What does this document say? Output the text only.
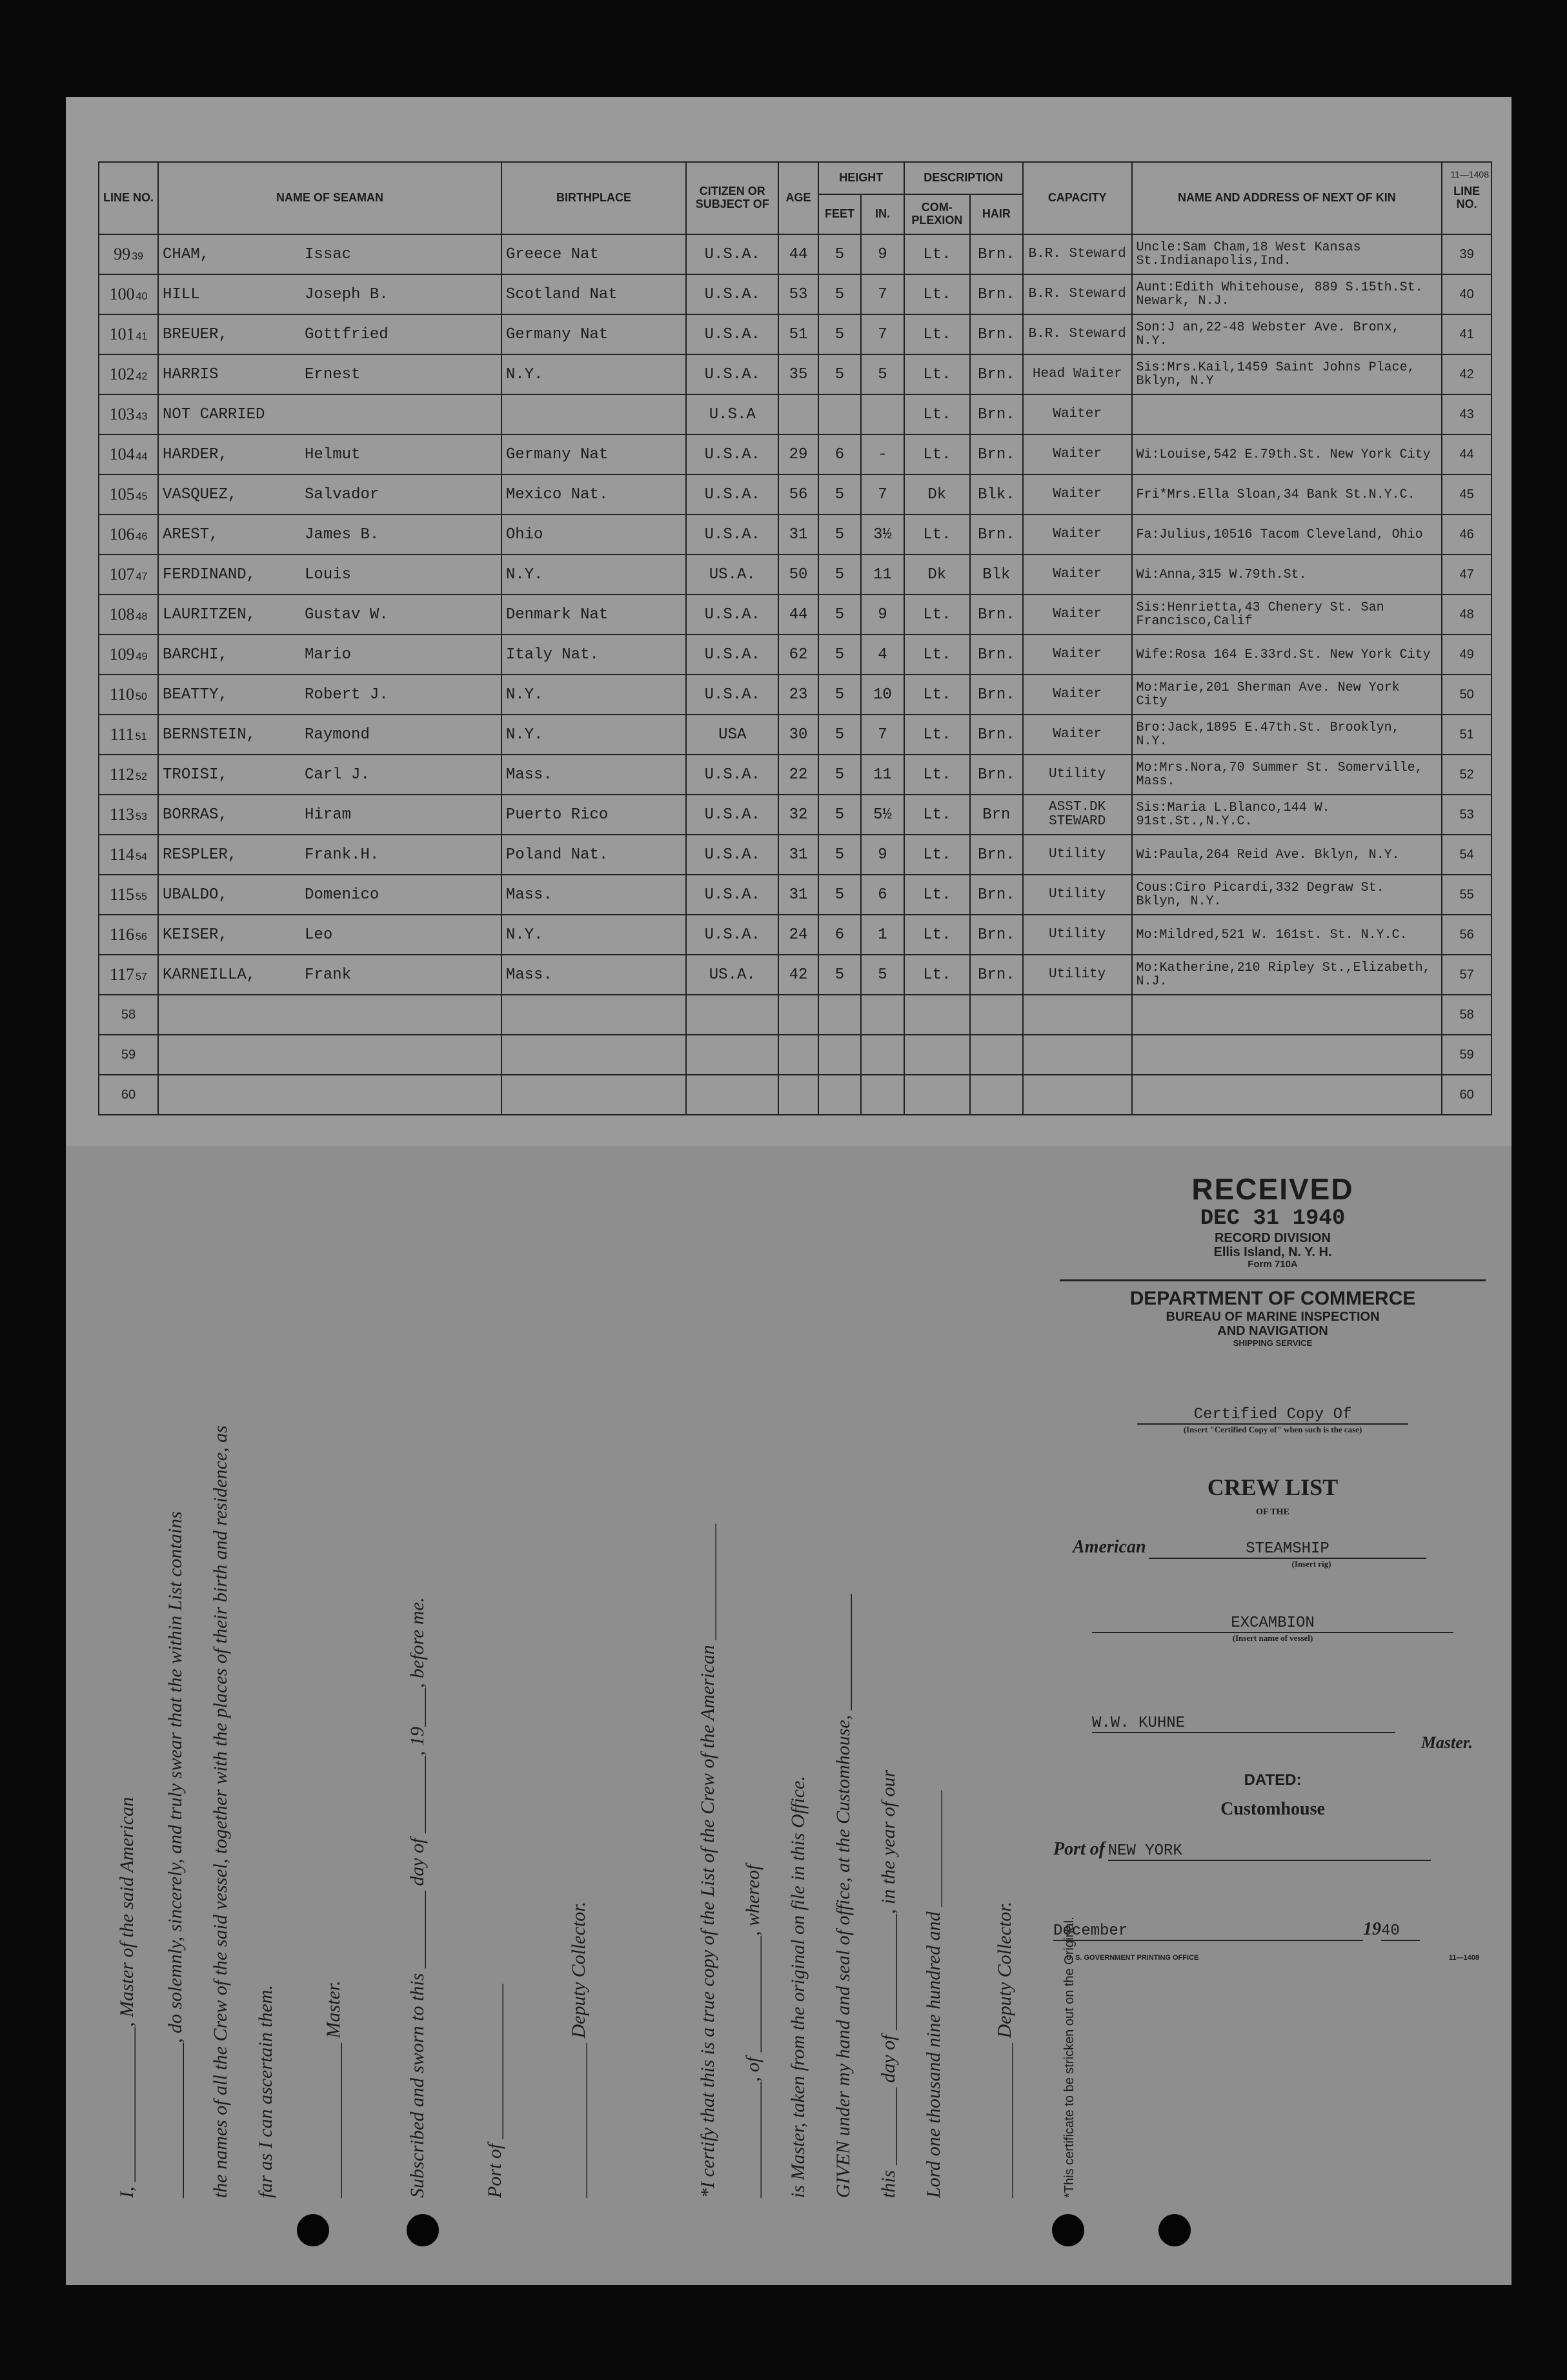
11—1408
LINE NO.	NAME OF SEAMAN	BIRTHPLACE	CITIZEN OR SUBJECT OF	AGE	HEIGHT		DESCRIPTION		CAPACITY	NAME AND ADDRESS OF NEXT OF KIN	LINE NO.
					FEET	IN.	COM-PLEXION	HAIR			
99 39	CHAM, Issac	Greece Nat	U.S.A.	44	5	9	Lt.	Brn.	B.R. Steward	Uncle:Sam Cham,18 West Kansas St.Indianapolis,Ind.	39
100 40	HILL Joseph B.	Scotland Nat	U.S.A.	53	5	7	Lt.	Brn.	B.R. Steward	Aunt:Edith Whitehouse, 889 S.15th.St. Newark, N.J.	40
101 41	BREUER, Gottfried	Germany Nat	U.S.A.	51	5	7	Lt.	Brn.	B.R. Steward	Son:J an,22-48 Webster Ave. Bronx, N.Y.	41
102 42	HARRIS Ernest	N.Y.	U.S.A.	35	5	5	Lt.	Brn.	Head Waiter	Sis:Mrs.Kail,1459 Saint Johns Place, Bklyn, N.Y	42
103 43	NOT CARRIED		U.S.A				Lt.	Brn.	Waiter		43
104 44	HARDER, Helmut	Germany Nat	U.S.A.	29	6	-	Lt.	Brn.	Waiter	Wi:Louise,542 E.79th.St. New York City	44
105 45	VASQUEZ, Salvador	Mexico Nat.	U.S.A.	56	5	7	Dk	Blk.	Waiter	Fri*Mrs.Ella Sloan,34 Bank St.N.Y.C.	45
106 46	AREST, James B.	Ohio	U.S.A.	31	5	3½	Lt.	Brn.	Waiter	Fa:Julius,10516 Tacom Cleveland, Ohio	46
107 47	FERDINAND, Louis	N.Y.	US.A.	50	5	11	Dk	Blk	Waiter	Wi:Anna,315 W.79th.St.	47
108 48	LAURITZEN, Gustav W.	Denmark Nat	U.S.A.	44	5	9	Lt.	Brn.	Waiter	Sis:Henrietta,43 Chenery St. San Francisco,Calif	48
109 49	BARCHI, Mario	Italy Nat.	U.S.A.	62	5	4	Lt.	Brn.	Waiter	Wife:Rosa 164 E.33rd.St. New York City	49
110 50	BEATTY, Robert J.	N.Y.	U.S.A.	23	5	10	Lt.	Brn.	Waiter	Mo:Marie,201 Sherman Ave. New York City	50
111 51	BERNSTEIN, Raymond	N.Y.	USA	30	5	7	Lt.	Brn.	Waiter	Bro:Jack,1895 E.47th.St. Brooklyn, N.Y.	51
112 52	TROISI, Carl J.	Mass.	U.S.A.	22	5	11	Lt.	Brn.	Utility	Mo:Mrs.Nora,70 Summer St. Somerville, Mass.	52
113 53	BORRAS, Hiram	Puerto Rico	U.S.A.	32	5	5½	Lt.	Brn	ASST.DK STEWARD	Sis:Maria L.Blanco,144 W. 91st.St.,N.Y.C.	53
114 54	RESPLER, Frank.H.	Poland Nat.	U.S.A.	31	5	9	Lt.	Brn.	Utility	Wi:Paula,264 Reid Ave. Bklyn, N.Y.	54
115 55	UBALDO, Domenico	Mass.	U.S.A.	31	5	6	Lt.	Brn.	Utility	Cous:Ciro Picardi,332 Degraw St. Bklyn, N.Y.	55
116 56	KEISER, Leo	N.Y.	U.S.A.	24	6	1	Lt.	Brn.	Utility	Mo:Mildred,521 W. 161st. St. N.Y.C.	56
117 57	KARNEILLA, Frank	Mass.	US.A.	42	5	5	Lt.	Brn.	Utility	Mo:Katherine,210 Ripley St.,Elizabeth, N.J.	57
58											58
59											59
60											60
I, ________________, Master of the said American	________________, do solemnly, sincerely, and truly swear that the within List contains	the names of all the Crew of the said vessel, together with the places of their birth and residence, as	far as I can ascertain them.	________________ Master.	Subscribed and sworn to this ________ day of ________, 19____, before me.	Port of ________________	________________ Deputy Collector.	*I certify that this is a true copy of the List of the Crew of the American ____________	____________, of ____________, whereof	is Master, taken from the original on file in this Office.	GIVEN under my hand and seal of office, at the Customhouse, ____________	this ________ day of ____________, in the year of our	Lord one thousand nine hundred and ____________	________________ Deputy Collector.	*This certificate to be stricken out on the Original.
RECEIVED
DEC 31 1940
RECORD DIVISION
Ellis Island, N. Y. H.
Form 710A
DEPARTMENT OF COMMERCE
BUREAU OF MARINE INSPECTION
AND NAVIGATION
SHIPPING SERVICE
Certified Copy Of
(Insert "Certified Copy of" when such is the case)
CREW LIST
OF THE
American	STEAMSHIP
(Insert rig)
EXCAMBION
(Insert name of vessel)
W.W. KUHNE
Master.
DATED:
Customhouse
Port of NEW YORK
December	1940
U. S. GOVERNMENT PRINTING OFFICE	11—1408
